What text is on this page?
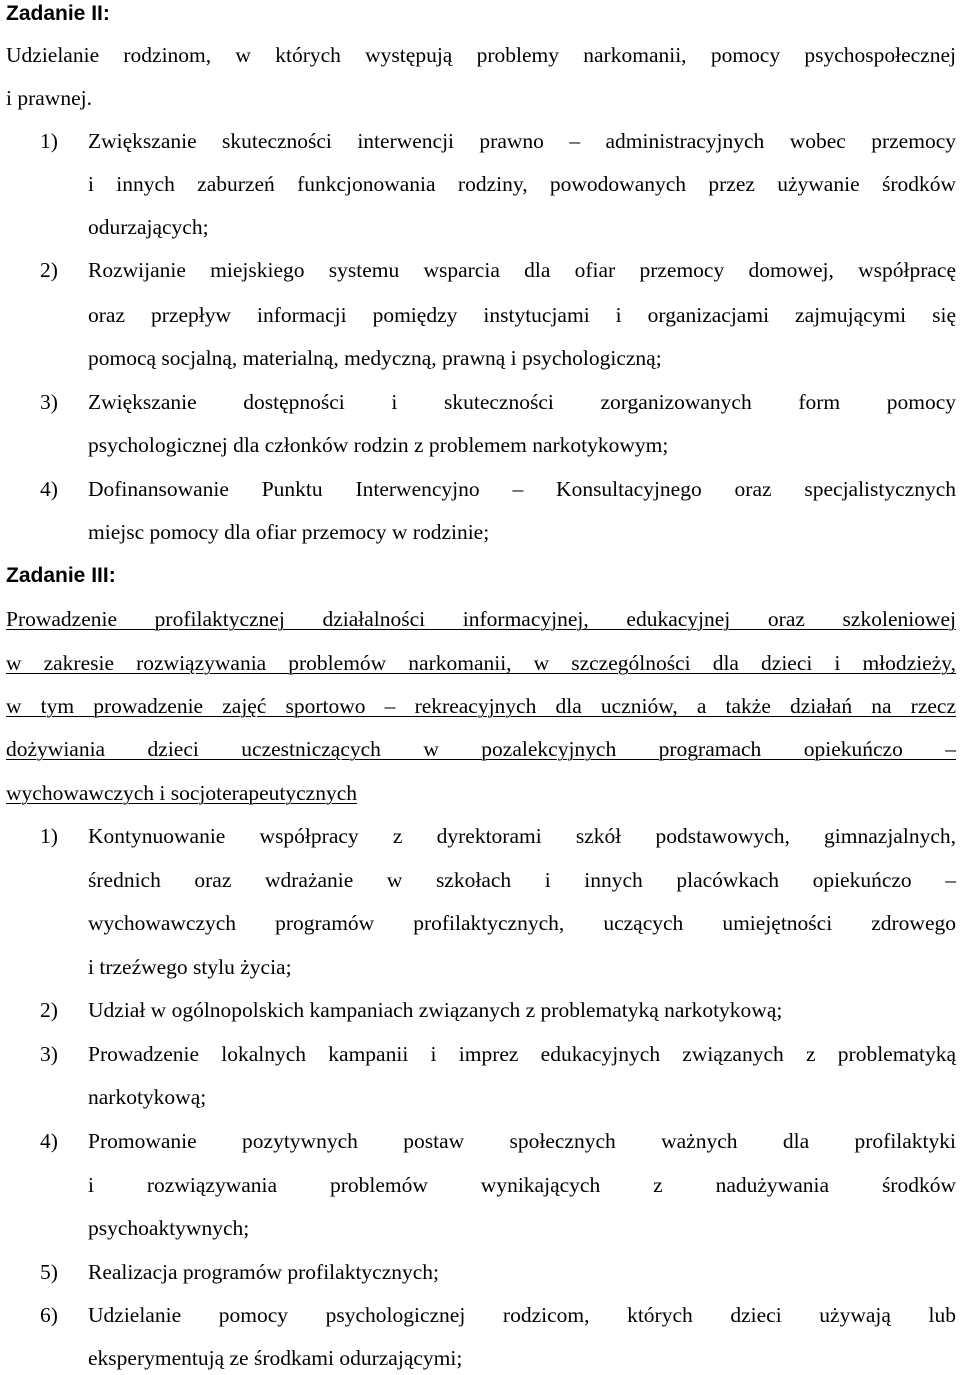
Zadanie II:
Udzielanie rodzinom, w których występują problemy narkomanii, pomocy psychospołecznej
i prawnej.
1) Zwiększanie skuteczności interwencji prawno – administracyjnych wobec przemocy
i innych zaburzeń funkcjonowania rodziny, powodowanych przez używanie środków
odurzających;
2) Rozwijanie miejskiego systemu wsparcia dla ofiar przemocy domowej, współpracę
oraz przepływ informacji pomiędzy instytucjami i organizacjami zajmującymi się
pomocą socjalną, materialną, medyczną, prawną i psychologiczną;
3) Zwiększanie dostępności i skuteczności zorganizowanych form pomocy
psychologicznej dla członków rodzin z problemem narkotykowym;
4) Dofinansowanie Punktu Interwencyjno – Konsultacyjnego oraz specjalistycznych
miejsc pomocy dla ofiar przemocy w rodzinie;
Zadanie III:
Prowadzenie profilaktycznej działalności informacyjnej, edukacyjnej oraz szkoleniowej
w zakresie rozwiązywania problemów narkomanii, w szczególności dla dzieci i młodzieży,
w tym prowadzenie zajęć sportowo – rekreacyjnych dla uczniów, a także działań na rzecz
dożywiania dzieci uczestniczących w pozalekcyjnych programach opiekuńczo –
wychowawczych i socjoterapeutycznych
1) Kontynuowanie współpracy z dyrektorami szkół podstawowych, gimnazjalnych,
średnich oraz wdrażanie w szkołach i innych placówkach opiekuńczo –
wychowawczych programów profilaktycznych, uczących umiejętności zdrowego
i trzeźwego stylu życia;
2) Udział w ogólnopolskich kampaniach związanych z problematyką narkotykową;
3) Prowadzenie lokalnych kampanii i imprez edukacyjnych związanych z problematyką
narkotykową;
4) Promowanie pozytywnych postaw społecznych ważnych dla profilaktyki
i rozwiązywania problemów wynikających z nadużywania środków
psychoaktywnych;
5) Realizacja programów profilaktycznych;
6) Udzielanie pomocy psychologicznej rodzicom, których dzieci używają lub
eksperymentują ze środkami odurzającymi;
